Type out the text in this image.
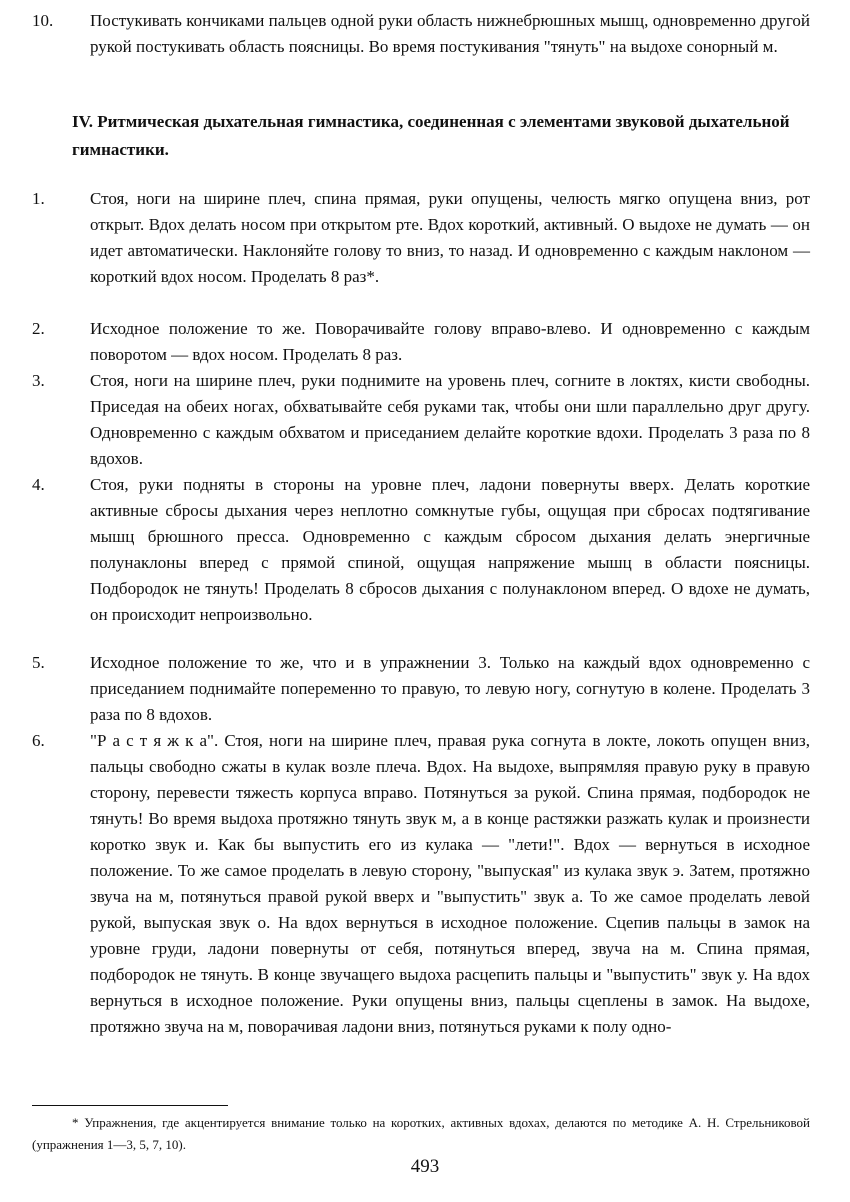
10. Постукивать кончиками пальцев одной руки область нижнебрюшных мышц, одновременно другой рукой постукивать область поясницы. Во время постукивания "тянуть" на выдохе сонорный м.
IV. Ритмическая дыхательная гимнастика, соединенная с элементами звуковой дыхательной гимнастики.
1.	Стоя, ноги на ширине плеч, спина прямая, руки опущены, челюсть мягко опущена вниз, рот открыт. Вдох делать носом при открытом рте. Вдох короткий, активный. О выдохе не думать — он идет автоматически. Наклоняйте голову то вниз, то назад. И одновременно с каждым наклоном — короткий вдох носом. Проделать 8 раз*.
2.	Исходное положение то же. Поворачивайте голову вправо-влево. И одновременно с каждым поворотом — вдох носом. Проделать 8 раз.
3.	Стоя, ноги на ширине плеч, руки поднимите на уровень плеч, согните в локтях, кисти свободны. Приседая на обеих ногах, обхватывайте себя руками так, чтобы они шли параллельно друг другу. Одновременно с каждым обхватом и приседанием делайте короткие вдохи. Проделать 3 раза по 8 вдохов.
4.	Стоя, руки подняты в стороны на уровне плеч, ладони повернуты вверх. Делать короткие активные сбросы дыхания через неплотно сомкнутые губы, ощущая при сбросах подтягивание мышц брюшного пресса. Одновременно с каждым сбросом дыхания делать энергичные полунаклоны вперед с прямой спиной, ощущая напряжение мышц в области поясницы. Подбородок не тянуть! Проделать 8 сбросов дыхания с полунаклоном вперед. О вдохе не думать, он происходит непроизвольно.
5.	Исходное положение то же, что и в упражнении 3. Только на каждый вдох одновременно с приседанием поднимайте попеременно то правую, то левую ногу, согнутую в колене. Проделать 3 раза по 8 вдохов.
6.	"Р а с т я ж к а". Стоя, ноги на ширине плеч, правая рука согнута в локте, локоть опущен вниз, пальцы свободно сжаты в кулак возле плеча. Вдох. На выдохе, выпрямляя правую руку в правую сторону, перевести тяжесть корпуса вправо. Потянуться за рукой. Спина прямая, подбородок не тянуть! Во время выдоха протяжно тянуть звук м, а в конце растяжки разжать кулак и произнести коротко звук и. Как бы выпустить его из кулака — "лети!". Вдох — вернуться в исходное положение. То же самое проделать в левую сторону, "выпуская" из кулака звук э. Затем, протяжно звуча на м, потянуться правой рукой вверх и "выпустить" звук а. То же самое проделать левой рукой, выпуская звук о. На вдох вернуться в исходное положение. Сцепив пальцы в замок на уровне груди, ладони повернуты от себя, потянуться вперед, звуча на м. Спина прямая, подбородок не тянуть. В конце звучащего выдоха расцепить пальцы и "выпустить" звук у. На вдох вернуться в исходное положение. Руки опущены вниз, пальцы сцеплены в замок. На выдохе, протяжно звуча на м, поворачивая ладони вниз, потянуться руками к полу одно-
* Упражнения, где акцентируется внимание только на коротких, активных вдохах, делаются по методике А. Н. Стрельниковой (упражнения 1—3, 5, 7, 10).
493
